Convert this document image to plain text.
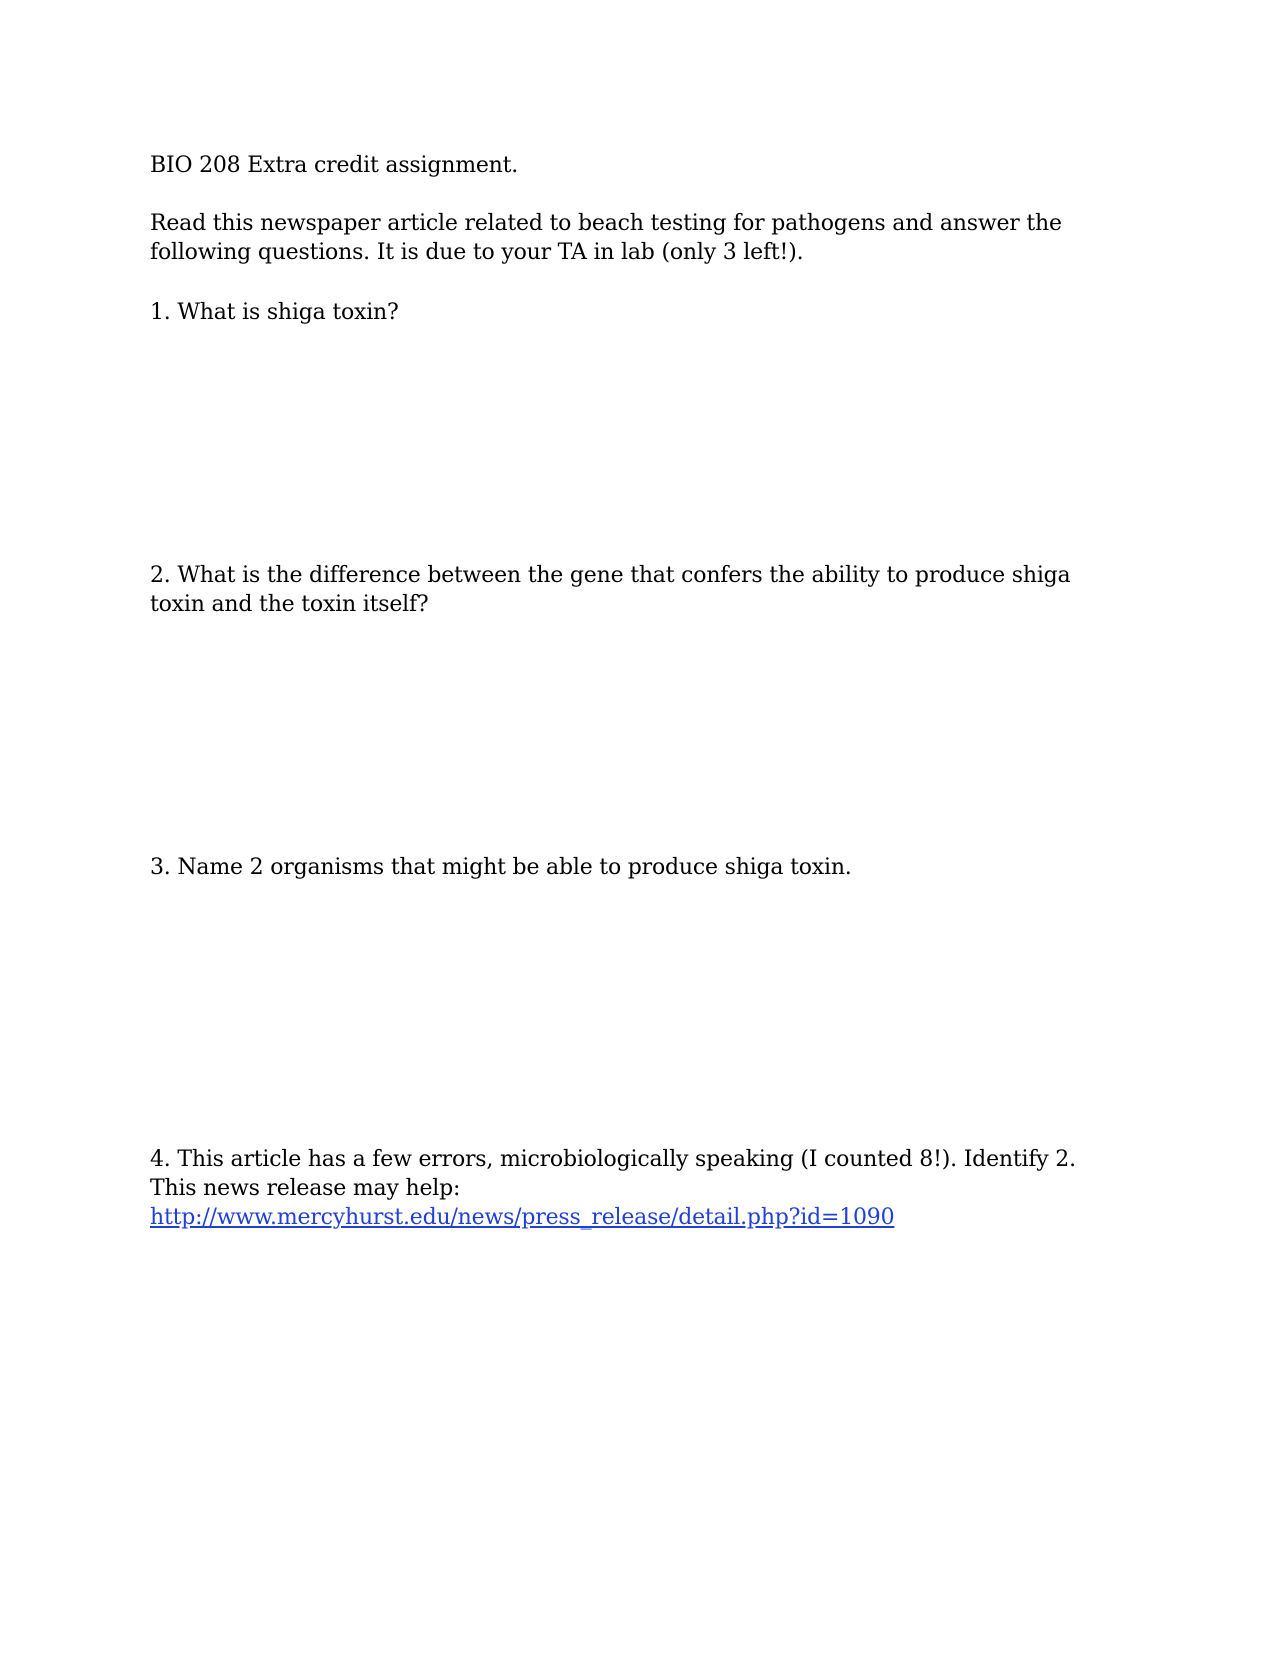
BIO 208 Extra credit assignment.
Read this newspaper article related to beach testing for pathogens and answer the following questions. It is due to your TA in lab (only 3 left!).
1. What is shiga toxin?
2. What is the difference between the gene that confers the ability to produce shiga toxin and the toxin itself?
3. Name 2 organisms that might be able to produce shiga toxin.
4. This article has a few errors, microbiologically speaking (I counted 8!). Identify 2. This news release may help:
http://www.mercyhurst.edu/news/press_release/detail.php?id=1090
